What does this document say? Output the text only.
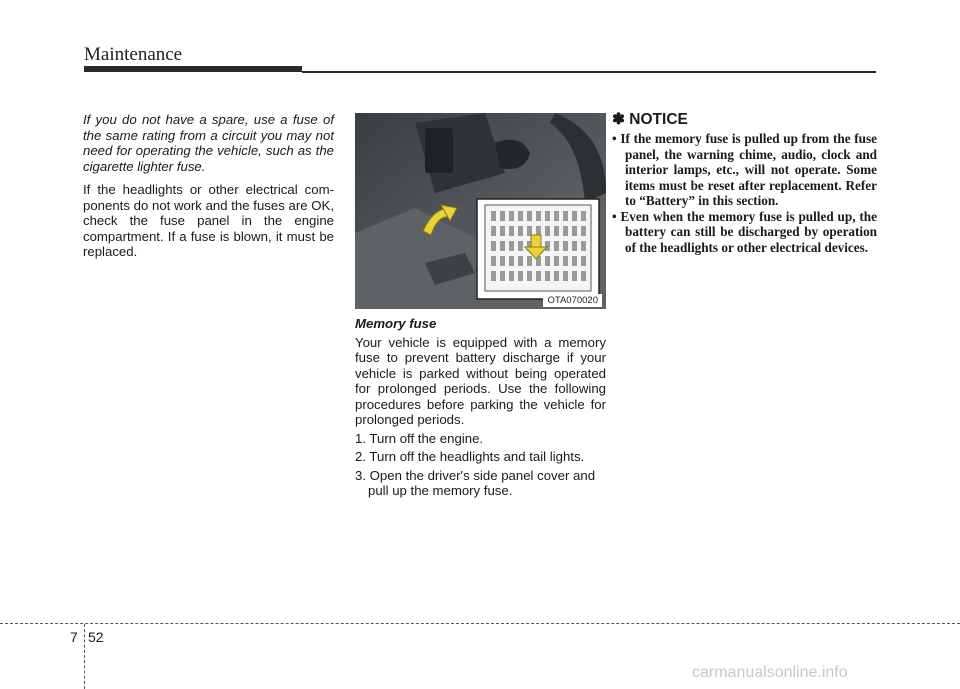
Maintenance

If you do not have a spare, use a fuse of the same rating from a circuit you may not need for operating the vehicle, such as the cigarette lighter fuse.

If the headlights or other electrical com- ponents do not work and the fuses are OK, check the fuse panel in the engine compartment. If a fuse is blown, it must be replaced.

OTA070020

Memory fuse

Your vehicle is equipped with a memory fuse to prevent battery discharge if your vehicle is parked without being operated for prolonged periods. Use the following procedures before parking the vehicle for prolonged periods.

1. Turn off the engine.
2. Turn off the headlights and tail lights.
3. Open the driver's side panel cover and pull up the memory fuse.

✽ NOTICE

• If the memory fuse is pulled up from the fuse panel, the warning chime, audio, clock and interior lamps, etc., will not operate. Some items must be reset after replacement. Refer to “Battery” in this section.
• Even when the memory fuse is pulled up, the battery can still be discharged by operation of the headlights or other electrical devices.
7 52
carmanualsonline.info
